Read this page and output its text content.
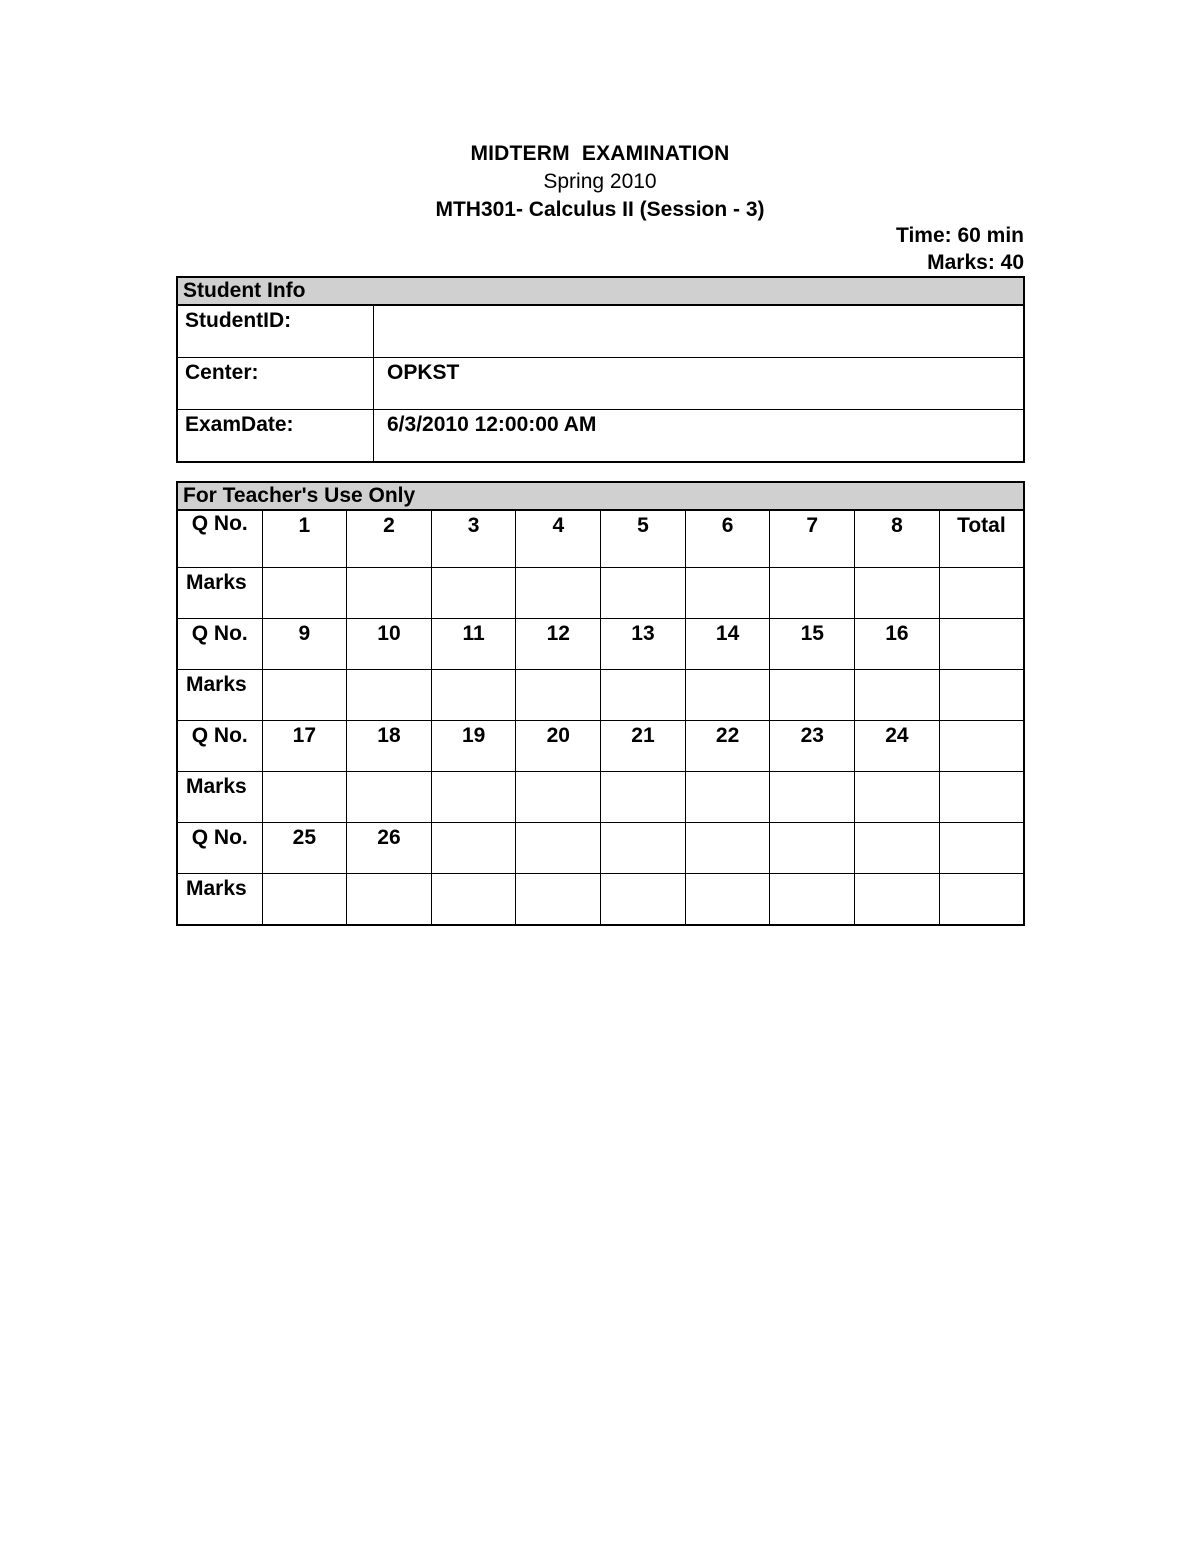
MIDTERM  EXAMINATION
Spring 2010
MTH301- Calculus II (Session - 3)
Time: 60 min
Marks: 40
Student Info	
StudentID:	
Center:	OPKST
ExamDate:	6/3/2010 12:00:00 AM
For Teacher's Use Only									
Q No.	1	2	3	4	5	6	7	8	Total
Marks									
Q No.	9	10	11	12	13	14	15	16	
Marks									
Q No.	17	18	19	20	21	22	23	24	
Marks									
Q No.	25	26							
Marks									
